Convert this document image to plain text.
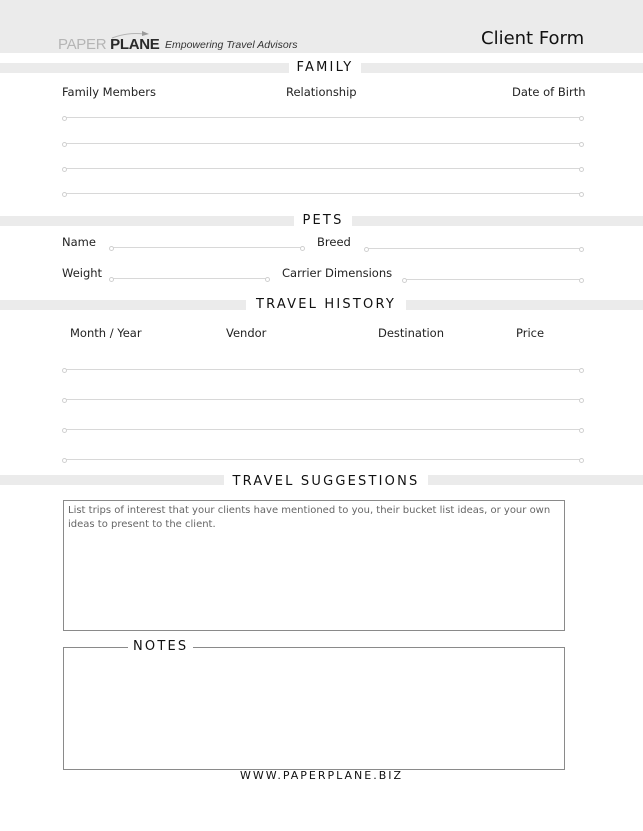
PAPER PLANE Empowering Travel Advisors	Client Form
FAMILY
Family Members	Relationship	Date of Birth
PETS
Name	Breed
Weight	Carrier Dimensions
TRAVEL HISTORY
Month / Year	Vendor	Destination	Price
TRAVEL SUGGESTIONS
List trips of interest that your clients have mentioned to you, their bucket list ideas, or your own ideas to present to the client.
NOTES
WWW.PAPERPLANE.BIZ
